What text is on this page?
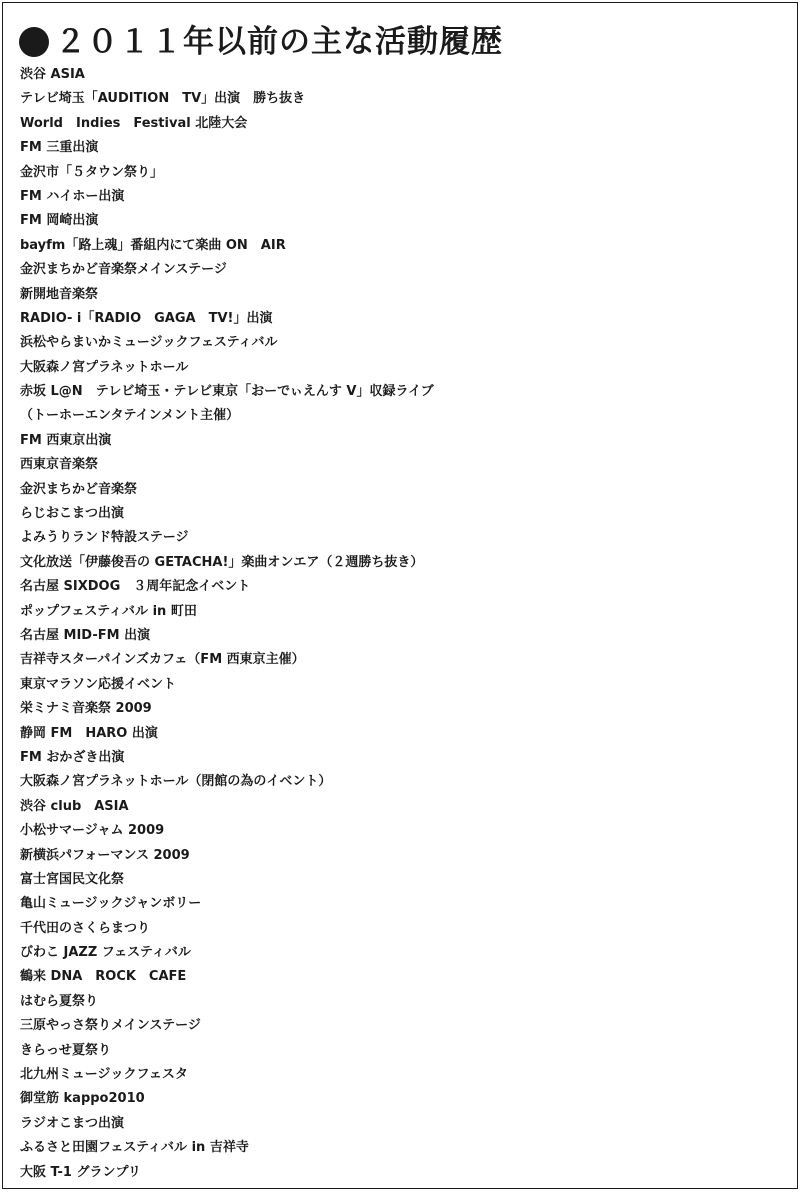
２０１１年以前の主な活動履歴
渋谷 ASIA
テレビ埼玉「AUDITION　TV」出演　勝ち抜き
World　Indies　Festival 北陸大会
FM 三重出演
金沢市「５タウン祭り」
FM ハイホー出演
FM 岡崎出演
bayfm「路上魂」番組内にて楽曲 ON　AIR
金沢まちかど音楽祭メインステージ
新開地音楽祭
RADIO- i「RADIO　GAGA　TV!」出演
浜松やらまいかミュージックフェスティバル
大阪森ノ宮プラネットホール
赤坂 L@N　テレビ埼玉・テレビ東京「おーでぃえんす V」収録ライブ
（トーホーエンタテインメント主催）
FM 西東京出演
西東京音楽祭
金沢まちかど音楽祭
らじおこまつ出演
よみうりランド特設ステージ
文化放送「伊藤俊吾の GETACHA!」楽曲オンエア（２週勝ち抜き）
名古屋 SIXDOG　３周年記念イベント
ポップフェスティバル in 町田
名古屋 MID-FM 出演
吉祥寺スターパインズカフェ（FM 西東京主催）
東京マラソン応援イベント
栄ミナミ音楽祭 2009
静岡 FM　HARO 出演
FM おかざき出演
大阪森ノ宮プラネットホール（閉館の為のイベント）
渋谷 club　ASIA
小松サマージャム 2009
新横浜パフォーマンス 2009
富士宮国民文化祭
亀山ミュージックジャンボリー
千代田のさくらまつり
びわこ JAZZ フェスティバル
鶴来 DNA　ROCK　CAFE
はむら夏祭り
三原やっさ祭りメインステージ
きらっせ夏祭り
北九州ミュージックフェスタ
御堂筋 kappo2010
ラジオこまつ出演
ふるさと田園フェスティバル in 吉祥寺
大阪 T-1 グランプリ
